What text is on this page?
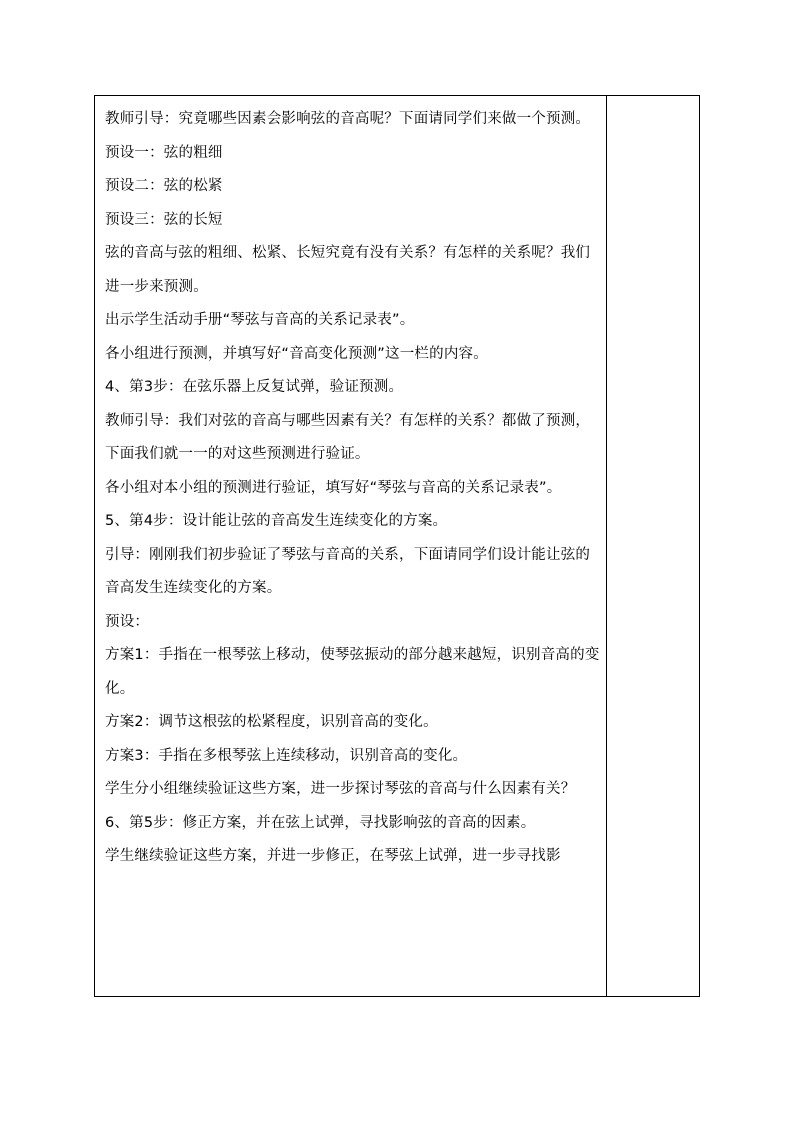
教师引导：究竟哪些因素会影响弦的音高呢？下面请同学们来做一个预测。

预设一：弦的粗细

预设二：弦的松紧

预设三：弦的长短

弦的音高与弦的粗细、松紧、长短究竟有没有关系？有怎样的关系呢？我们进一步来预测。

出示学生活动手册“琴弦与音高的关系记录表”。

各小组进行预测，并填写好“音高变化预测”这一栏的内容。

4、第3步：在弦乐器上反复试弹，验证预测。

教师引导：我们对弦的音高与哪些因素有关？有怎样的关系？都做了预测，下面我们就一一的对这些预测进行验证。

各小组对本小组的预测进行验证，填写好“琴弦与音高的关系记录表”。

5、第4步：设计能让弦的音高发生连续变化的方案。

引导：刚刚我们初步验证了琴弦与音高的关系，下面请同学们设计能让弦的音高发生连续变化的方案。

预设：

方案1：手指在一根琴弦上移动，使琴弦振动的部分越来越短，识别音高的变化。

方案2：调节这根弦的松紧程度，识别音高的变化。

方案3：手指在多根琴弦上连续移动，识别音高的变化。

学生分小组继续验证这些方案，进一步探讨琴弦的音高与什么因素有关？

6、第5步：修正方案，并在弦上试弹，寻找影响弦的音高的因素。

学生继续验证这些方案，并进一步修正，在琴弦上试弹，进一步寻找影
